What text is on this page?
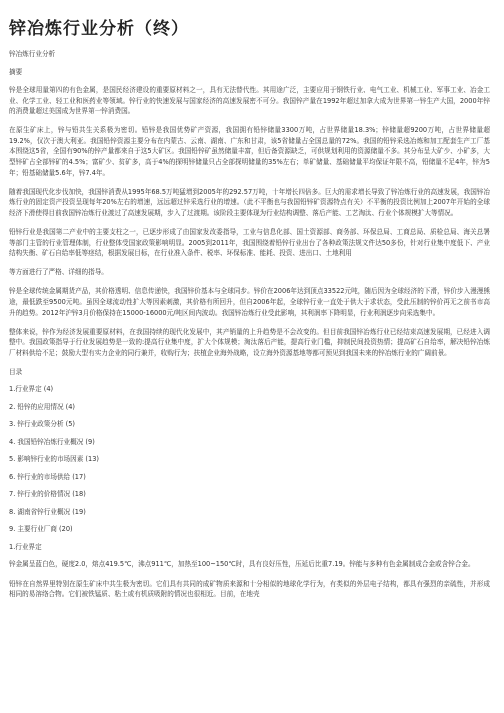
锌冶炼行业分析（终）
锌冶炼行业分析
摘要

锌是全球用量第四的有色金属，是国民经济建设的重要原材料之一，具有无法替代性。其用途广泛，主要应用于钢铁行业、电气工业、机械工业、军事工业、冶金工业、化学工业、轻工业和医药业等领域。锌行业的快速发展与国家经济的高速发展密不可分。我国锌产量在1992年超过加拿大成为世界第一锌生产大国，2000年锌的消费量超过美国成为世界第一锌消费国。

在原生矿床上，锌与铅共生关系极为密切。铅锌是我国优势矿产资源，我国拥有铅锌储量3300万吨，占世界储量18.3%；锌储量超9200万吨，占世界储量超19.2%，仅次于澳大利亚。我国铅锌资源主要分布在内蒙古、云南、湖南、广东和甘肃，该5省储量占全国总量的72%。我国的铅锌采选冶炼和加工配套生产工厂基本围绕这5省，全国有90%的锌产量都来自于这5大矿区。我国铅锌矿虽然储量丰富，但后备资源缺乏，可供规划利用的资源储量不多。其分布呈大矿少、小矿多，大型锌矿占全部锌矿的4.5%；富矿少、贫矿多，高于4%的探明锌储量只占全部探明储量的35%左右；单矿储量、基础储量平均保证年限不高，铅储量不足4年，锌为5年；铅基础储量5.6年，锌7.4年。

随着我国现代化步伐加快，我国锌消费从1995年68.5万吨猛增到2005年的292.57万吨，十年增长四倍多。巨大的需求增长导致了锌冶炼行业的高速发展，我国锌冶炼行业的固定资产投资呈现每年20%左右的增速，远远超过锌采选行业的增速。（此不平衡也与我国铅锌矿资源特点有关）不平衡的投资比例加上2007年开始的全球经济下滑使得目前我国锌冶炼行业渡过了高速发展期，步入了过渡期。该阶段主要体现为行业结构调整、落后产能、工艺淘汰、行业个体规模扩大等情况。

铅锌行业是我国第二产业中的主要支柱之一，已逐步形成了由国家发改委指导，工业与信息化部、国土资源部、商务部、环保总局、工商总局、质检总局、海关总署等部门主管的行业管理体制，行业整体受国家政策影响明显。2005到2011年，我国围绕着铅锌行业出台了各种政策法规文件达50多份，针对行业集中度低下、产业结构失衡、矿石自给率低等痉结，根据发展目标，在行业准入条件、税率、环保标准、能耗、投资、进出口、土地利用

等方面进行了严格、详细的指导。

锌是全球传统金属期货产品，其价格透明、信息传递快，我国锌价基本与全球同步。锌价在2006年达到顶点33522元吨，随后因为全球经济的下滑，锌价步入漫漫熊途，最低跌至9500元吨。虽因全球流动性扩大等因素刺激，其价格有所回升，但自2006年起，全球锌行业一直处于供大于求状态，受此压制的锌价再无之前书市高升的趋势。2012年沪锌3月价格保持在15000-16000元/吨区间内波动。我国锌冶炼行业受此影响，其利润率下降明显，行业利润逐步向采选集中。

整体来说，锌作为经济发展重要原材料，在我国持续的现代化发展中，其产销量的上升趋势是不会改变的。但目前我国锌冶炼行业已经结束高速发展期，已经进入调整中。我国政策指导于行业发展趋势是一致的:提高行业集中度，扩大个体规模；淘汰落后产能，提高行业门槛，抑制民间投资热情；提高矿石自给率，解决铅锌冶炼厂材料供给不足；鼓励大型有实力企业的同行兼并，收购行为；扶植企业海外战略，设立海外资源基地等都可预见到我国未来的锌冶炼行业的广阔前景。

目录
1.行业界定 (4)
2. 铅锌的应用情况 (4)
3. 锌行业政策分析 (5)
4. 我国铅锌冶炼行业概况 (9)
5. 影响锌行业的市场因素 (13)
6. 锌行业的市场供给 (17)
7. 锌行业的价格情况 (18)
8. 湖南省锌行业概况 (19)
9. 主要行业厂商 (20)
1.行业界定

锌金属呈蓝白色，硬度2.0，熔点419.5℃，沸点911℃，加热至100~150℃时，具有良好压性，压延后比重7.19。锌能与多种有色金属制成合金或含锌合金。

铅锌在自然界里特别在原生矿床中共生极为密切。它们具有共同的成矿物质来源和十分相似的地球化学行为，有类似的外层电子结构，都具有强烈的亲硫性，并形成相同的易溶络合物。它们被铁锰质、粘土或有机质吸附的情况也很相近。目前，在地壳
